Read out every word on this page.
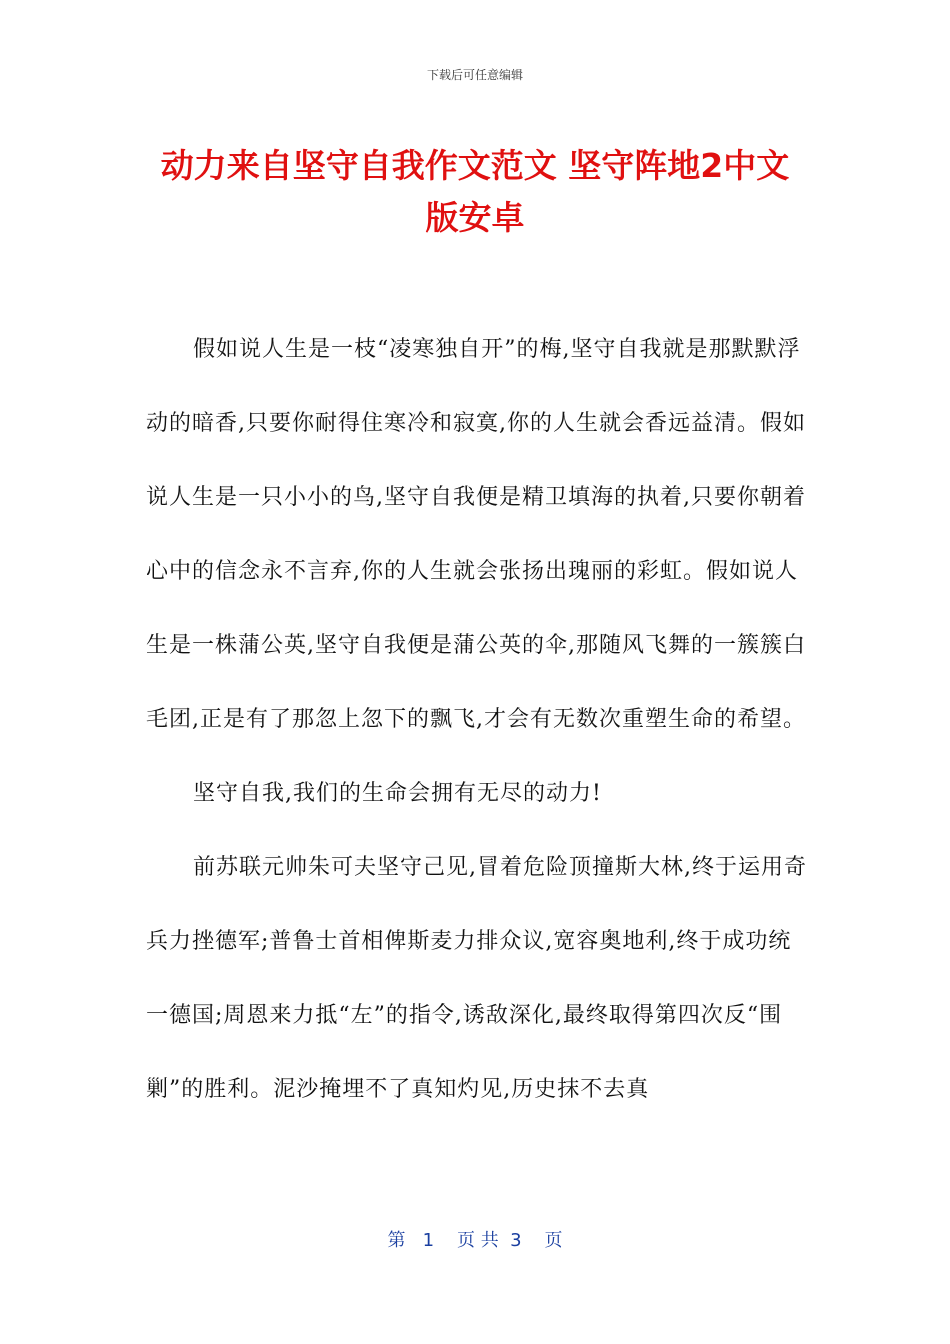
下载后可任意编辑
动力来自坚守自我作文范文 坚守阵地2中文
版安卓

假如说人生是一枝“凌寒独自开”的梅,坚守自我就是那默默浮动的暗香,只要你耐得住寒冷和寂寞,你的人生就会香远益清。假如说人生是一只小小的鸟,坚守自我便是精卫填海的执着,只要你朝着心中的信念永不言弃,你的人生就会张扬出瑰丽的彩虹。假如说人生是一株蒲公英,坚守自我便是蒲公英的伞,那随风飞舞的一簇簇白毛团,正是有了那忽上忽下的飘飞,才会有无数次重塑生命的希望。

坚守自我,我们的生命会拥有无尽的动力!

前苏联元帅朱可夫坚守己见,冒着危险顶撞斯大林,终于运用奇兵力挫德军;普鲁士首相俾斯麦力排众议,宽容奥地利,终于成功统一德国;周恩来力抵“左”的指令,诱敌深化,最终取得第四次反“围剿”的胜利。泥沙掩埋不了真知灼见,历史抹不去真

第   1    页 共  3    页
